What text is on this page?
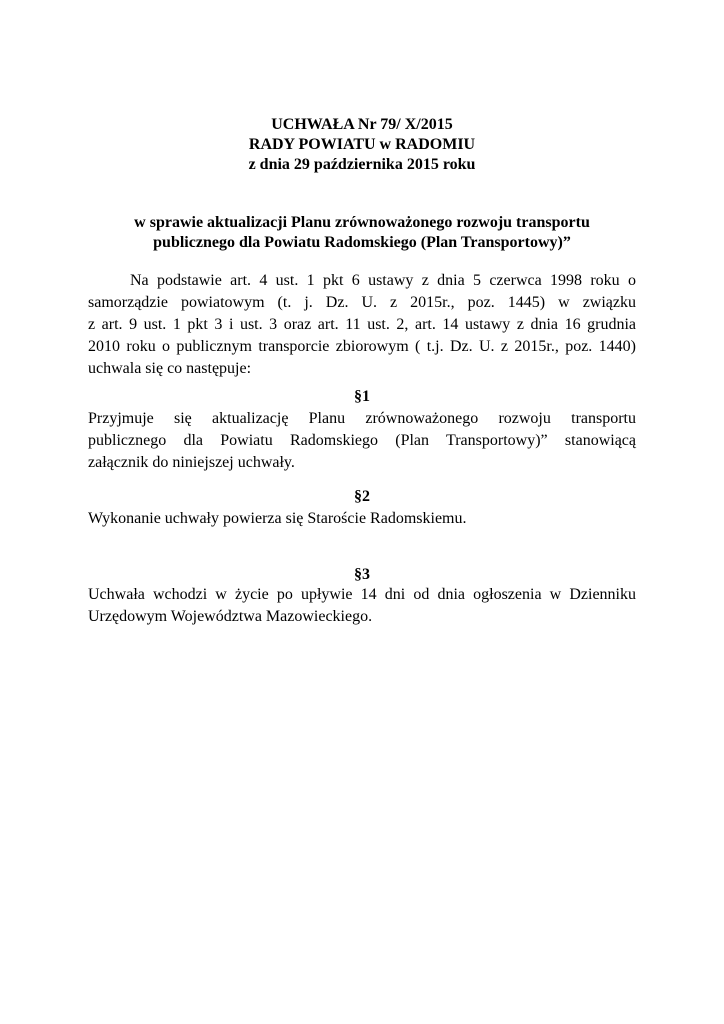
UCHWAŁA Nr 79/ X/2015

RADY POWIATU w RADOMIU

z dnia 29 października 2015 roku

w sprawie aktualizacji Planu zrównoważonego rozwoju transportu

publicznego dla Powiatu Radomskiego (Plan Transportowy)”

Na podstawie art. 4 ust. 1 pkt 6 ustawy z dnia 5 czerwca 1998 roku o

samorządzie powiatowym (t. j. Dz. U. z 2015r., poz. 1445) w związku

z art. 9 ust. 1 pkt 3 i ust. 3 oraz art. 11 ust. 2, art. 14 ustawy z dnia 16 grudnia

2010 roku o publicznym transporcie zbiorowym ( t.j. Dz. U. z 2015r., poz. 1440)

uchwala się co następuje:

§1

Przyjmuje się aktualizację Planu zrównoważonego rozwoju transportu

publicznego dla Powiatu Radomskiego (Plan Transportowy)” stanowiącą

załącznik do niniejszej uchwały.

§2

Wykonanie uchwały powierza się Staroście Radomskiemu.

§3

Uchwała wchodzi w życie po upływie 14 dni od dnia ogłoszenia w Dzienniku

Urzędowym Województwa Mazowieckiego.
